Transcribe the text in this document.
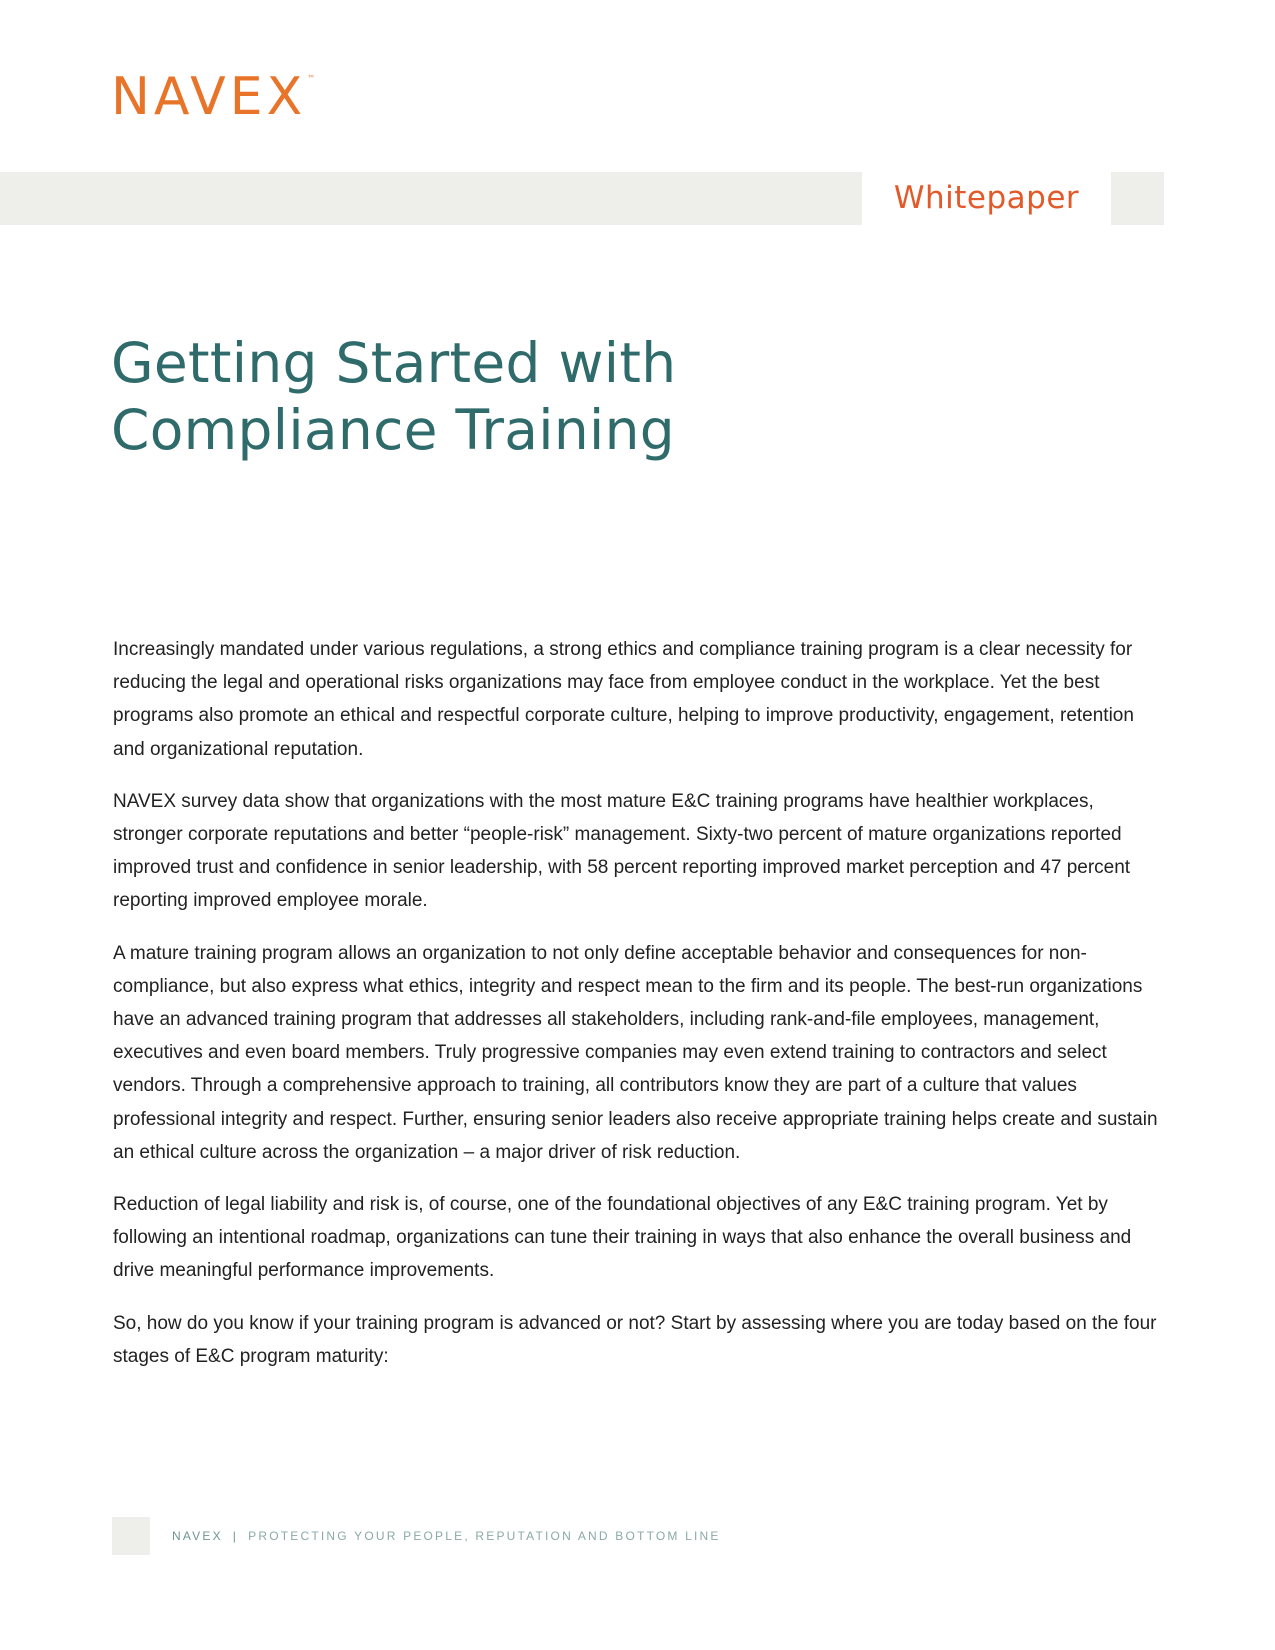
NAVEX ™
Whitepaper
Getting Started with
Compliance Training

Increasingly mandated under various regulations, a strong ethics and compliance training program is a clear necessity for reducing the legal and operational risks organizations may face from employee conduct in the workplace. Yet the best programs also promote an ethical and respectful corporate culture, helping to improve productivity, engagement, retention and organizational reputation.

NAVEX survey data show that organizations with the most mature E&C training programs have healthier workplaces, stronger corporate reputations and better “people-risk” management. Sixty-two percent of mature organizations reported improved trust and confidence in senior leadership, with 58 percent reporting improved market perception and 47 percent reporting improved employee morale.

A mature training program allows an organization to not only define acceptable behavior and consequences for non-compliance, but also express what ethics, integrity and respect mean to the firm and its people. The best-run organizations have an advanced training program that addresses all stakeholders, including rank-and-file employees, management, executives and even board members. Truly progressive companies may even extend training to contractors and select vendors. Through a comprehensive approach to training, all contributors know they are part of a culture that values professional integrity and respect. Further, ensuring senior leaders also receive appropriate training helps create and sustain an ethical culture across the organization – a major driver of risk reduction.

Reduction of legal liability and risk is, of course, one of the foundational objectives of any E&C training program. Yet by following an intentional roadmap, organizations can tune their training in ways that also enhance the overall business and drive meaningful performance improvements.

So, how do you know if your training program is advanced or not? Start by assessing where you are today based on the four stages of E&C program maturity:

NAVEX | PROTECTING YOUR PEOPLE, REPUTATION AND BOTTOM LINE
